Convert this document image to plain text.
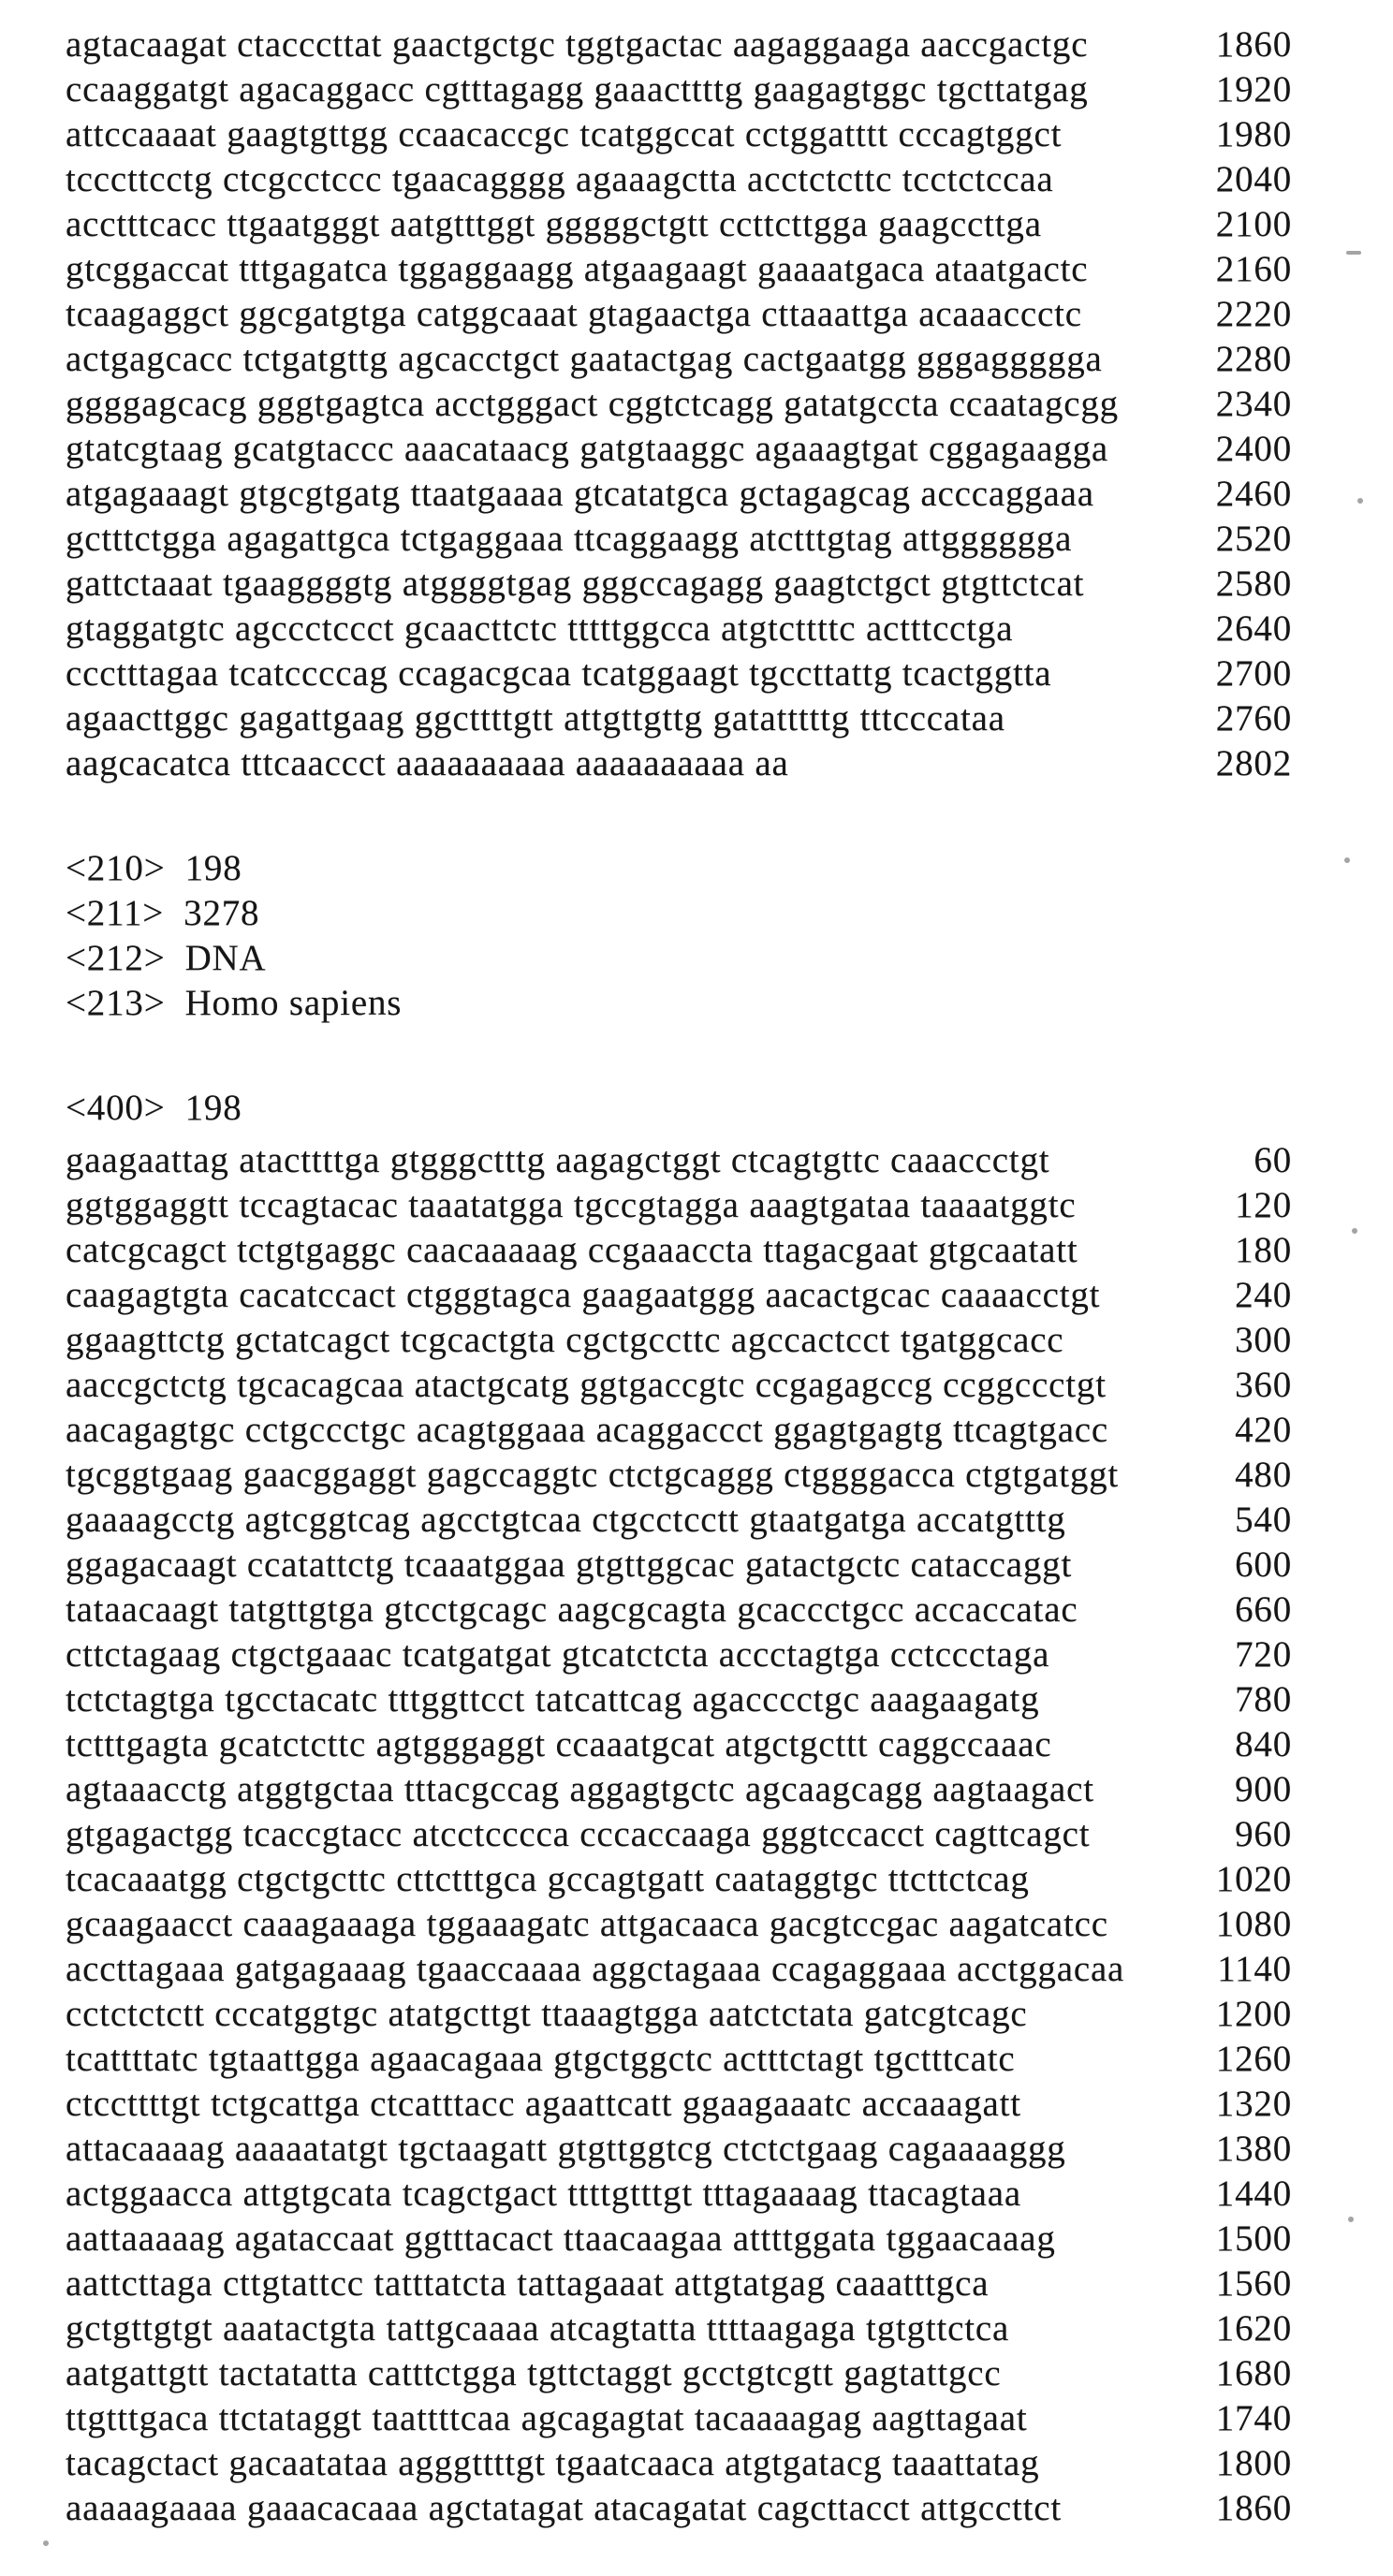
agtacaagat ctacccttat gaactgctgc tggtgactac aagaggaaga aaccgactgc	1860
ccaaggatgt agacaggacc cgtttagagg gaaacttttg gaagagtggc tgcttatgag	1920
attccaaaat gaagtgttgg ccaacaccgc tcatggccat cctggatttt cccagtggct	1980
tcccttcctg ctcgcctccc tgaacagggg agaaagctta acctctcttc tcctctccaa	2040
acctttcacc ttgaatgggt aatgtttggt gggggctgtt ccttcttgga gaagccttga	2100
gtcggaccat tttgagatca tggaggaagg atgaagaagt gaaaatgaca ataatgactc	2160
tcaagaggct ggcgatgtga catggcaaat gtagaactga cttaaattga acaaaccctc	2220
actgagcacc tctgatgttg agcacctgct gaatactgag cactgaatgg gggaggggga	2280
ggggagcacg gggtgagtca acctgggact cggtctcagg gatatgccta ccaatagcgg	2340
gtatcgtaag gcatgtaccc aaacataacg gatgtaaggc agaaagtgat cggagaagga	2400
atgagaaagt gtgcgtgatg ttaatgaaaa gtcatatgca gctagagcag acccaggaaa	2460
gctttctgga agagattgca tctgaggaaa ttcaggaagg atctttgtag attgggggga	2520
gattctaaat tgaaggggtg atggggtgag gggccagagg gaagtctgct gtgttctcat	2580
gtaggatgtc agccctccct gcaacttctc tttttggcca atgtcttttc actttcctga	2640
ccctttagaa tcatccccag ccagacgcaa tcatggaagt tgccttattg tcactggtta	2700
agaacttggc gagattgaag ggcttttgtt attgttgttg gatatttttg tttcccataa	2760
aagcacatca tttcaaccct aaaaaaaaaa aaaaaaaaaa aa	2802
<210>  198
<211>  3278
<212>  DNA
<213>  Homo sapiens
<400>  198
gaagaattag atacttttga gtgggctttg aagagctggt ctcagtgttc caaaccctgt	60
ggtggaggtt tccagtacac taaatatgga tgccgtagga aaagtgataa taaaatggtc	120
catcgcagct tctgtgaggc caacaaaaag ccgaaaccta ttagacgaat gtgcaatatt	180
caagagtgta cacatccact ctgggtagca gaagaatggg aacactgcac caaaacctgt	240
ggaagttctg gctatcagct tcgcactgta cgctgccttc agccactcct tgatggcacc	300
aaccgctctg tgcacagcaa atactgcatg ggtgaccgtc ccgagagccg ccggccctgt	360
aacagagtgc cctgccctgc acagtggaaa acaggaccct ggagtgagtg ttcagtgacc	420
tgcggtgaag gaacggaggt gagccaggtc ctctgcaggg ctggggacca ctgtgatggt	480
gaaaagcctg agtcggtcag agcctgtcaa ctgcctcctt gtaatgatga accatgtttg	540
ggagacaagt ccatattctg tcaaatggaa gtgttggcac gatactgctc cataccaggt	600
tataacaagt tatgttgtga gtcctgcagc aagcgcagta gcaccctgcc accaccatac	660
cttctagaag ctgctgaaac tcatgatgat gtcatctcta accctagtga cctccctaga	720
tctctagtga tgcctacatc tttggttcct tatcattcag agacccctgc aaagaagatg	780
tctttgagta gcatctcttc agtgggaggt ccaaatgcat atgctgcttt caggccaaac	840
agtaaacctg atggtgctaa tttacgccag aggagtgctc agcaagcagg aagtaagact	900
gtgagactgg tcaccgtacc atcctcccca cccaccaaga gggtccacct cagttcagct	960
tcacaaatgg ctgctgcttc cttctttgca gccagtgatt caataggtgc ttcttctcag	1020
gcaagaacct caaagaaaga tggaaagatc attgacaaca gacgtccgac aagatcatcc	1080
accttagaaa gatgagaaag tgaaccaaaa aggctagaaa ccagaggaaa acctggacaa	1140
cctctctctt cccatggtgc atatgcttgt ttaaagtgga aatctctata gatcgtcagc	1200
tcattttatc tgtaattgga agaacagaaa gtgctggctc actttctagt tgctttcatc	1260
ctccttttgt tctgcattga ctcatttacc agaattcatt ggaagaaatc accaaagatt	1320
attacaaaag aaaaatatgt tgctaagatt gtgttggtcg ctctctgaag cagaaaaggg	1380
actggaacca attgtgcata tcagctgact ttttgtttgt tttagaaaag ttacagtaaa	1440
aattaaaaag agataccaat ggtttacact ttaacaagaa attttggata tggaacaaag	1500
aattcttaga cttgtattcc tatttatcta tattagaaat attgtatgag caaatttgca	1560
gctgttgtgt aaatactgta tattgcaaaa atcagtatta ttttaagaga tgtgttctca	1620
aatgattgtt tactatatta catttctgga tgttctaggt gcctgtcgtt gagtattgcc	1680
ttgtttgaca ttctataggt taattttcaa agcagagtat tacaaaagag aagttagaat	1740
tacagctact gacaatataa agggttttgt tgaatcaaca atgtgatacg taaattatag	1800
aaaaagaaaa gaaacacaaa agctatagat atacagatat cagcttacct attgccttct	1860
